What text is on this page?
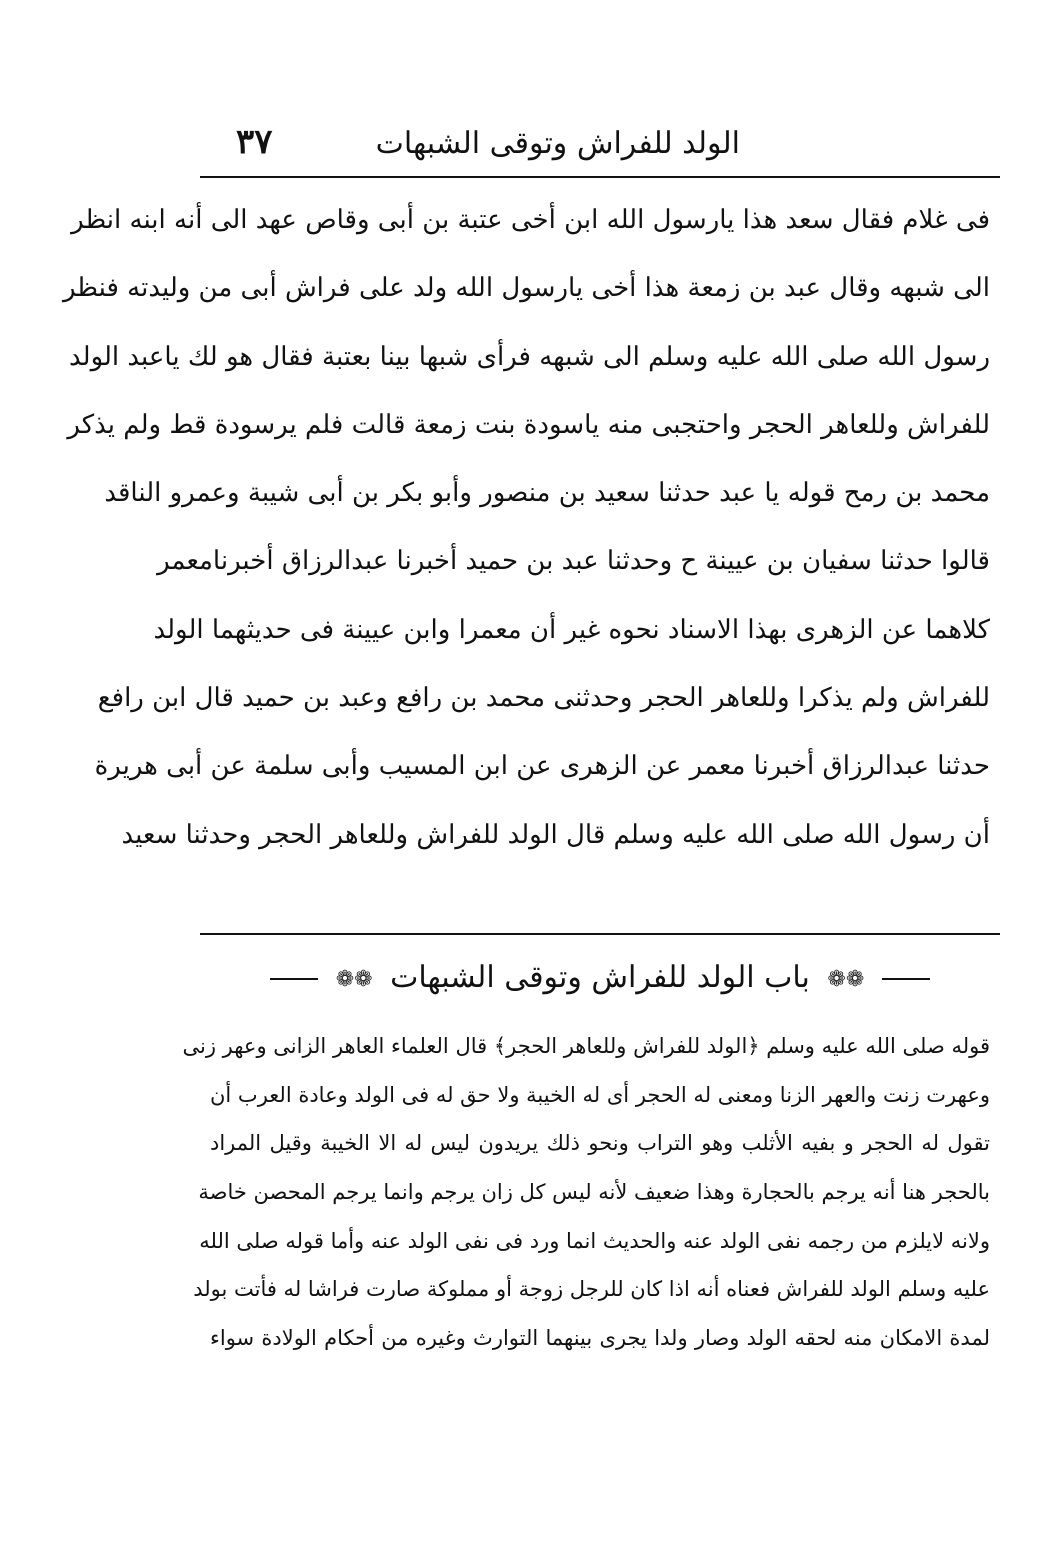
الولد للفراش وتوقى الشبهات
٣٧
فى غلام فقال سعد هذا يارسول الله ابن أخى عتبة بن أبى وقاص عهد الى أنه ابنه انظر
الى شبهه وقال عبد بن زمعة هذا أخى يارسول الله ولد على فراش أبى من وليدته فنظر
رسول الله صلى الله عليه وسلم الى شبهه فرأى شبها بينا بعتبة فقال هو لك ياعبد الولد
للفراش وللعاهر الحجر واحتجبى منه ياسودة بنت زمعة قالت فلم يرسودة قط ولم يذكر
محمد بن رمح قوله يا عبد حدثنا سعيد بن منصور وأبو بكر بن أبى شيبة وعمرو الناقد
قالوا حدثنا سفيان بن عيينة ح وحدثنا عبد بن حميد أخبرنا عبدالرزاق أخبرنامعمر
كلاهما عن الزهرى بهذا الاسناد نحوه غير أن معمرا وابن عيينة فى حديثهما الولد
للفراش ولم يذكرا وللعاهر الحجر وحدثنى محمد بن رافع وعبد بن حميد قال ابن رافع
حدثنا عبدالرزاق أخبرنا معمر عن الزهرى عن ابن المسيب وأبى سلمة عن أبى هريرة
أن رسول الله صلى الله عليه وسلم قال الولد للفراش وللعاهر الحجر وحدثنا سعيد
❁❁ باب الولد للفراش وتوقى الشبهات ❁❁
قوله صلى الله عليه وسلم ﴿الولد للفراش وللعاهر الحجر﴾ قال العلماء العاهر الزانى وعهر زنى
وعهرت زنت والعهر الزنا ومعنى له الحجر أى له الخيبة ولا حق له فى الولد وعادة العرب أن
تقول له الحجر و بفيه الأثلب وهو التراب ونحو ذلك يريدون ليس له الا الخيبة وقيل المراد
بالحجر هنا أنه يرجم بالحجارة وهذا ضعيف لأنه ليس كل زان يرجم وانما يرجم المحصن خاصة
ولانه لايلزم من رجمه نفى الولد عنه والحديث انما ورد فى نفى الولد عنه وأما قوله صلى الله
عليه وسلم الولد للفراش فعناه أنه اذا كان للرجل زوجة أو مملوكة صارت فراشا له فأتت بولد
لمدة الامكان منه لحقه الولد وصار ولدا يجرى بينهما التوارث وغيره من أحكام الولادة سواء
